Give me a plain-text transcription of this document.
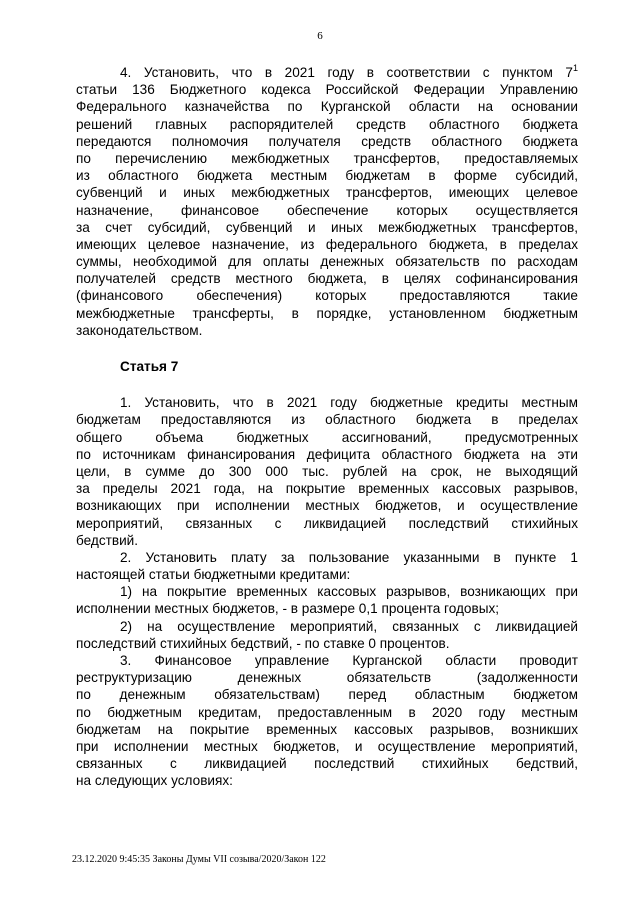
6
4. Установить, что в 2021 году в соответствии с пунктом $7^1$
статьи 136 Бюджетного кодекса Российской Федерации Управлению
Федерального казначейства по Курганской области на основании
решений главных распорядителей средств областного бюджета
передаются полномочия получателя средств областного бюджета
по перечислению межбюджетных трансфертов, предоставляемых
из областного бюджета местным бюджетам в форме субсидий,
субвенций и иных межбюджетных трансфертов, имеющих целевое
назначение, финансовое обеспечение которых осуществляется
за счет субсидий, субвенций и иных межбюджетных трансфертов,
имеющих целевое назначение, из федерального бюджета, в пределах
суммы, необходимой для оплаты денежных обязательств по расходам
получателей средств местного бюджета, в целях софинансирования
(финансового обеспечения) которых предоставляются такие
межбюджетные трансферты, в порядке, установленном бюджетным
законодательством.
Статья 7
1. Установить, что в 2021 году бюджетные кредиты местным
бюджетам предоставляются из областного бюджета в пределах
общего объема бюджетных ассигнований, предусмотренных
по источникам финансирования дефицита областного бюджета на эти
цели, в сумме до 300 000 тыс. рублей на срок, не выходящий
за пределы 2021 года, на покрытие временных кассовых разрывов,
возникающих при исполнении местных бюджетов, и осуществление
мероприятий, связанных с ликвидацией последствий стихийных
бедствий.
2. Установить плату за пользование указанными в пункте 1
настоящей статьи бюджетными кредитами:
1) на покрытие временных кассовых разрывов, возникающих при
исполнении местных бюджетов, - в размере 0,1 процента годовых;
2) на осуществление мероприятий, связанных с ликвидацией
последствий стихийных бедствий, - по ставке 0 процентов.
3. Финансовое управление Курганской области проводит
реструктуризацию денежных обязательств (задолженности
по денежным обязательствам) перед областным бюджетом
по бюджетным кредитам, предоставленным в 2020 году местным
бюджетам на покрытие временных кассовых разрывов, возникших
при исполнении местных бюджетов, и осуществление мероприятий,
связанных с ликвидацией последствий стихийных бедствий,
на следующих условиях:
23.12.2020 9:45:35 Законы Думы VII созыва/2020/Закон 122
